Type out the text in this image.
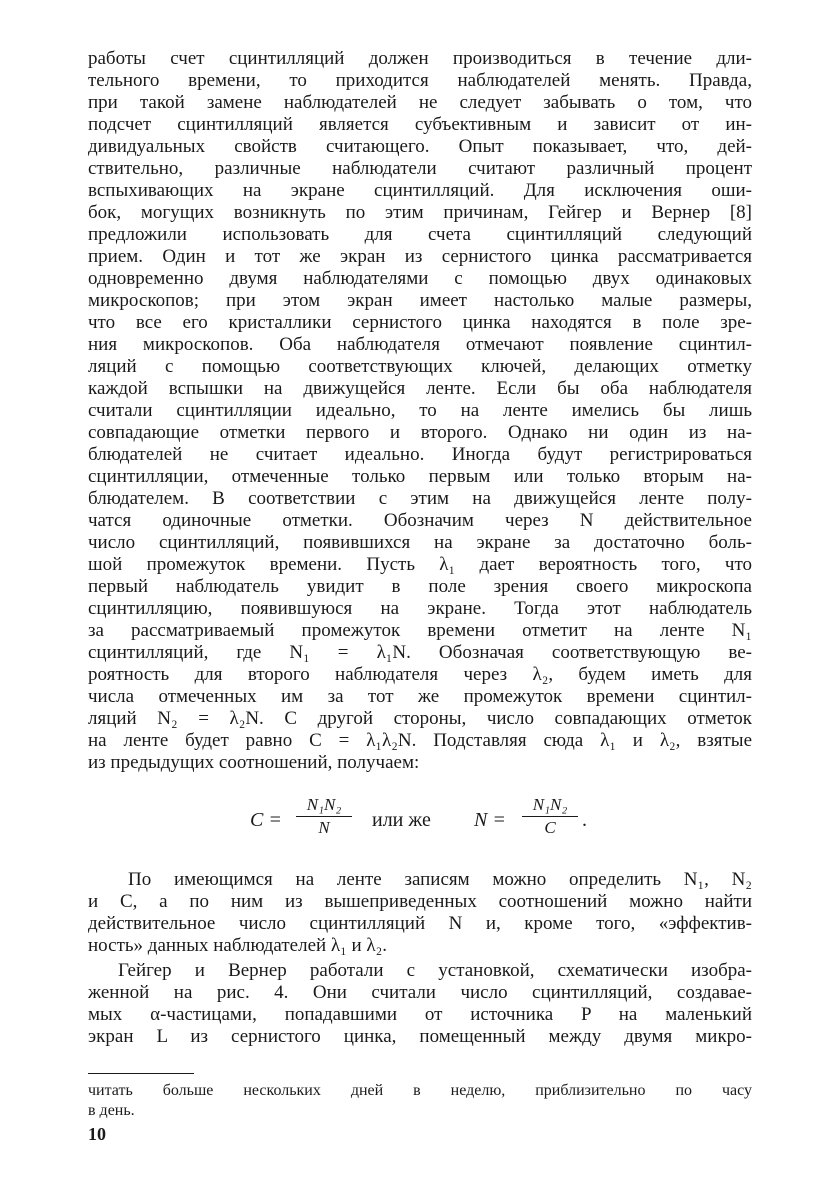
работы счет сцинтилляций должен производиться в течение дли-

тельного времени, то приходится наблюдателей менять. Правда,

при такой замене наблюдателей не следует забывать о том, что

подсчет сцинтилляций является субъективным и зависит от ин-

дивидуальных свойств считающего. Опыт показывает, что, дей-

ствительно, различные наблюдатели считают различный процент

вспыхивающих на экране сцинтилляций. Для исключения оши-

бок, могущих возникнуть по этим причинам, Гейгер и Вернер [8]

предложили использовать для счета сцинтилляций следующий

прием. Один и тот же экран из сернистого цинка рассматривается

одновременно двумя наблюдателями с помощью двух одинаковых

микроскопов; при этом экран имеет настолько малые размеры,

что все его кристаллики сернистого цинка находятся в поле зре-

ния микроскопов. Оба наблюдателя отмечают появление сцинтил-

ляций с помощью соответствующих ключей, делающих отметку

каждой вспышки на движущейся ленте. Если бы оба наблюдателя

считали сцинтилляции идеально, то на ленте имелись бы лишь

совпадающие отметки первого и второго. Однако ни один из на-

блюдателей не считает идеально. Иногда будут регистрироваться

сцинтилляции, отмеченные только первым или только вторым на-

блюдателем. В соответствии с этим на движущейся ленте полу-

чатся одиночные отметки. Обозначим через N действительное

число сцинтилляций, появившихся на экране за достаточно боль-

шой промежуток времени. Пусть λ₁ дает вероятность того, что

первый наблюдатель увидит в поле зрения своего микроскопа

сцинтилляцию, появившуюся на экране. Тогда этот наблюдатель

за рассматриваемый промежуток времени отметит на ленте N₁

сцинтилляций, где N₁ = λ₁N. Обозначая соответствующую ве-

роятность для второго наблюдателя через λ₂, будем иметь для

числа отмеченных им за тот же промежуток времени сцинтил-

ляций N₂ = λ₂N. С другой стороны, число совпадающих отметок

на ленте будет равно C = λ₁λ₂N. Подставляя сюда λ₁ и λ₂, взятые

из предыдущих соотношений, получаем:

C =
N₁N₂
N	или же N =
N₁N₂
C	.

По имеющимся на ленте записям можно определить N₁, N₂

и C, а по ним из вышеприведенных соотношений можно найти

действительное число сцинтилляций N и, кроме того, «эффектив-

ность» данных наблюдателей λ₁ и λ₂.

Гейгер и Вернер работали с установкой, схематически изобра-

женной на рис. 4. Они считали число сцинтилляций, создавае-

мых α-частицами, попадавшими от источника P на маленький

экран L из сернистого цинка, помещенный между двумя микро-

читать больше нескольких дней в неделю, приблизительно по часу

в день.

10
